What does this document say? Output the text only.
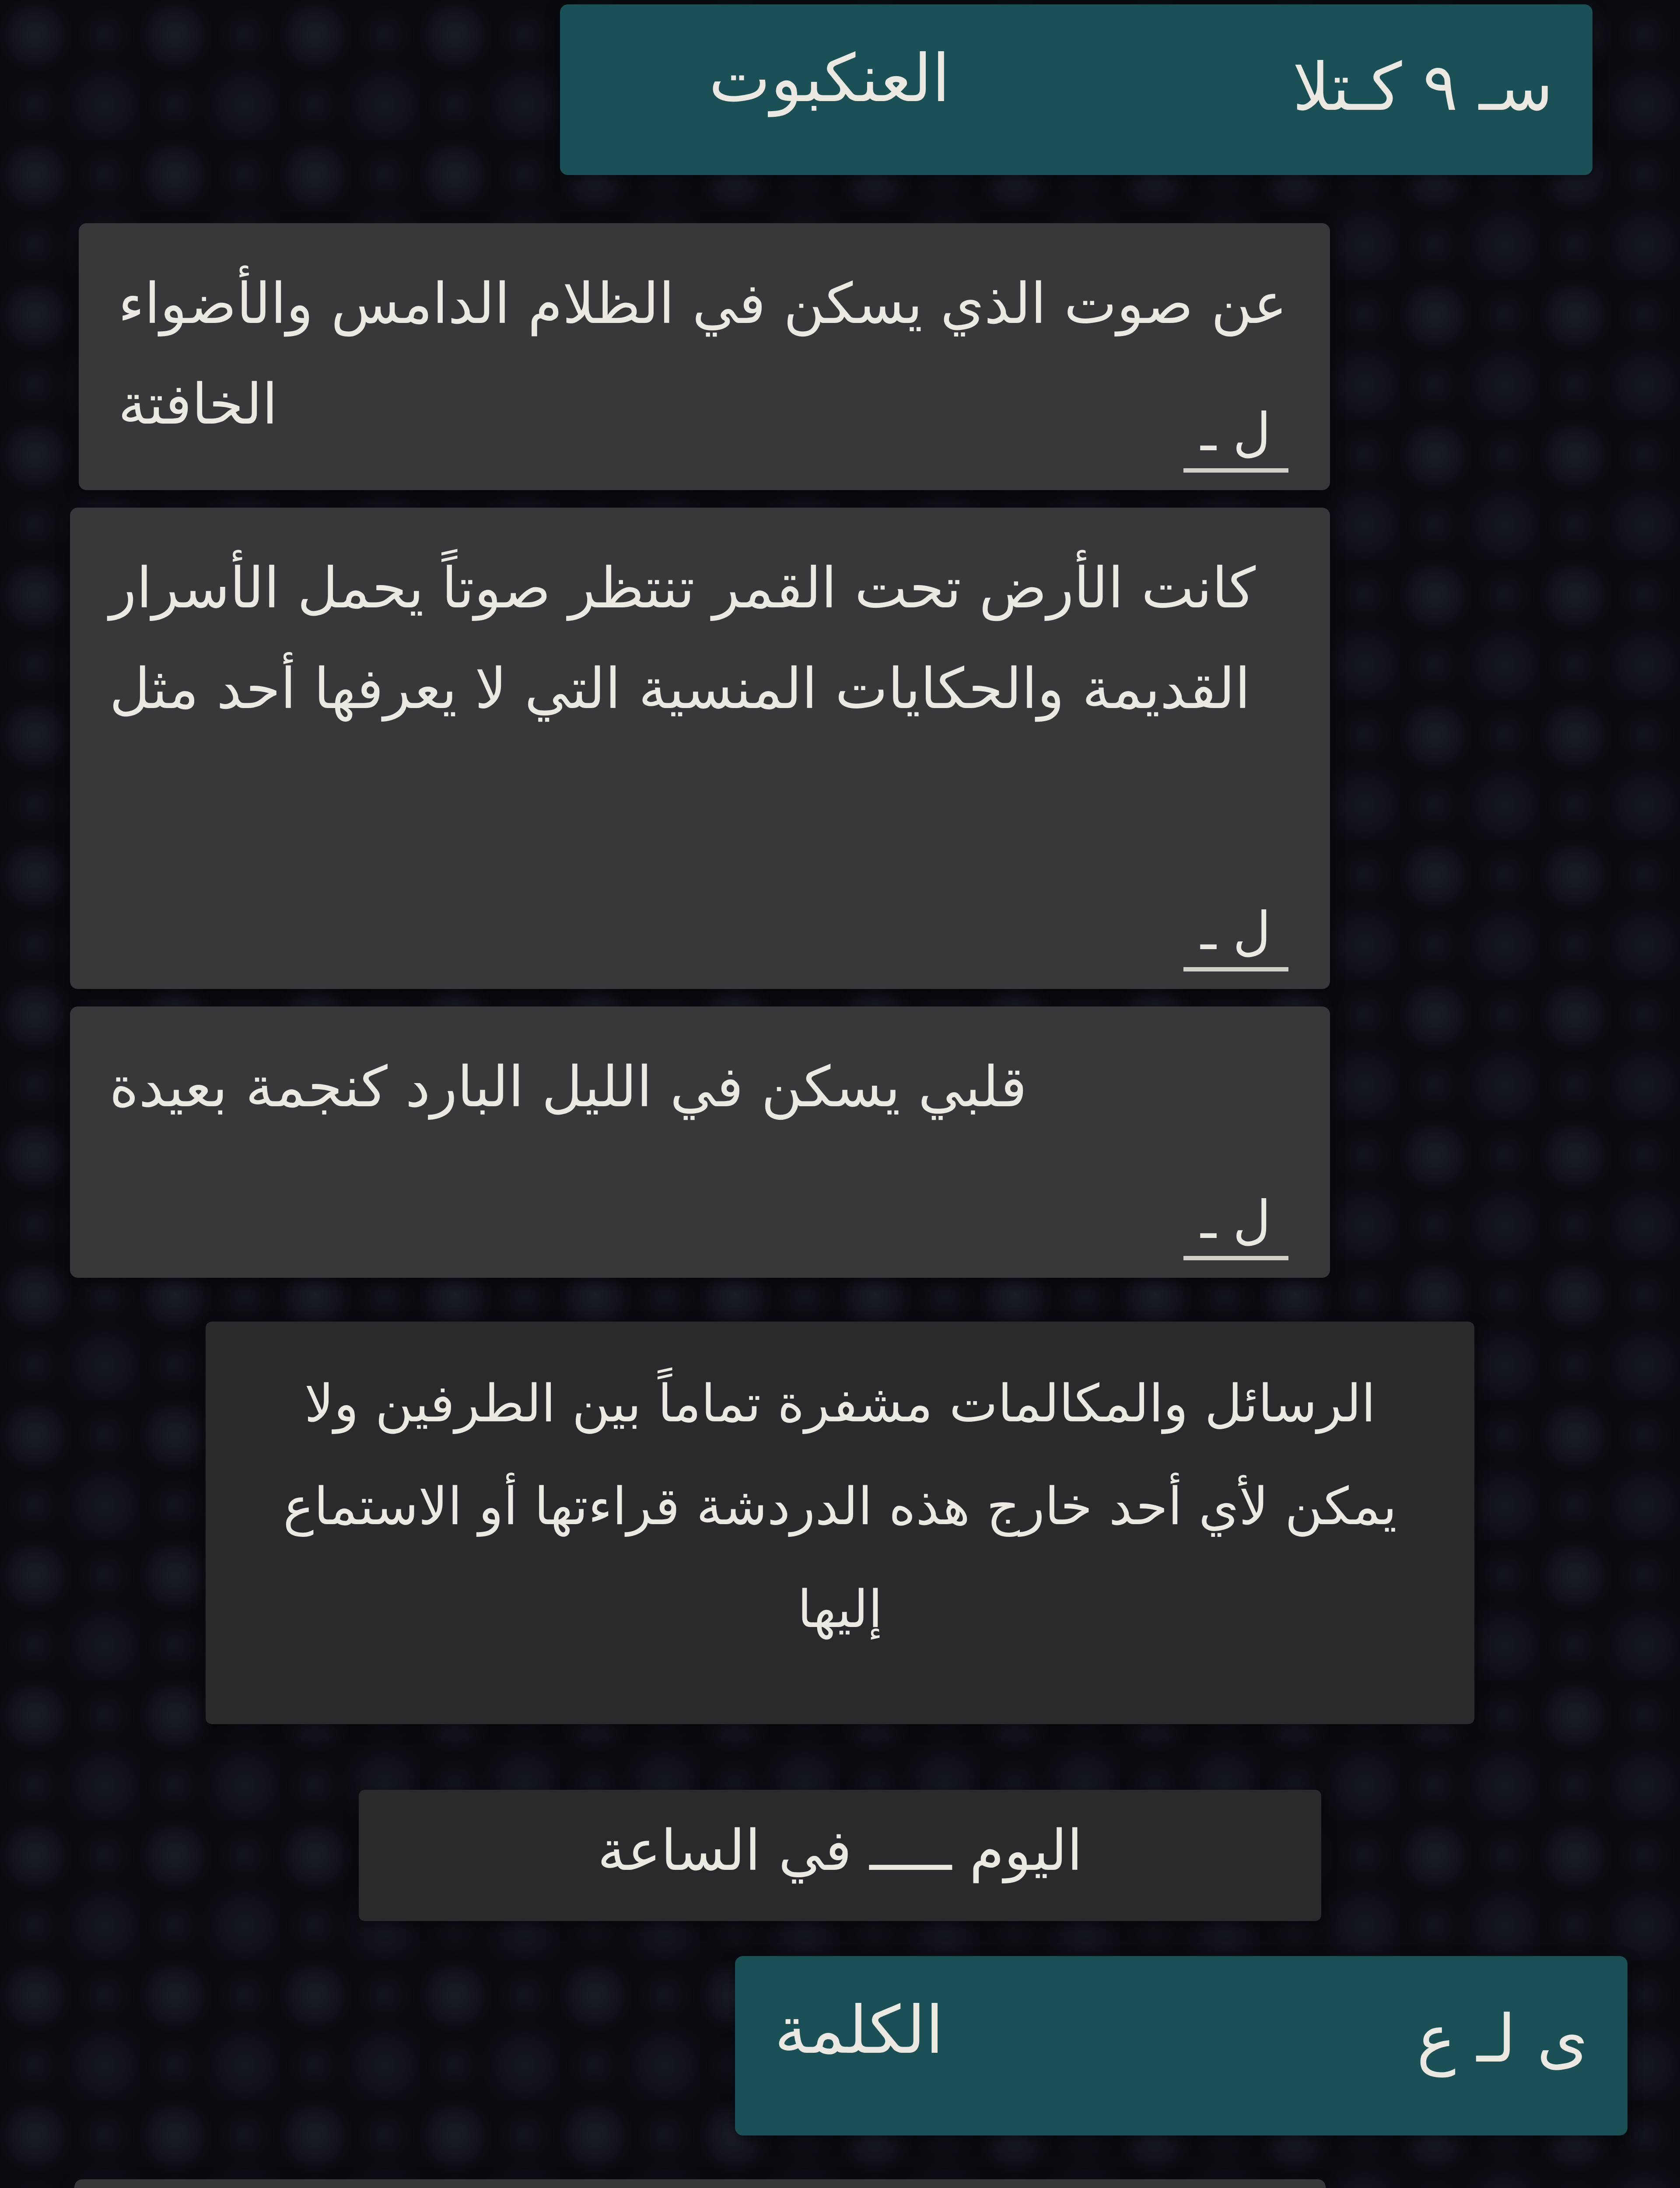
العنكبوت	سـ ٩ كـتلا
عن صوت الذي يسكن في الظلام الدامس والأضواء الخافتة	ل ـ
كانت الأرض تحت القمر تنتظر صوتاً يحمل الأسرار القديمة والحكايات المنسية التي لا يعرفها أحد مثل
ل ـ
قلبي يسكن في الليل البارد كنجمة بعيدة
ل ـ
الرسائل والمكالمات مشفرة تماماً بين الطرفين ولا يمكن لأي أحد خارج هذه الدردشة قراءتها أو الاستماع إليها
اليوم ـــــ في الساعة
الكلمة	ى لـ ع
